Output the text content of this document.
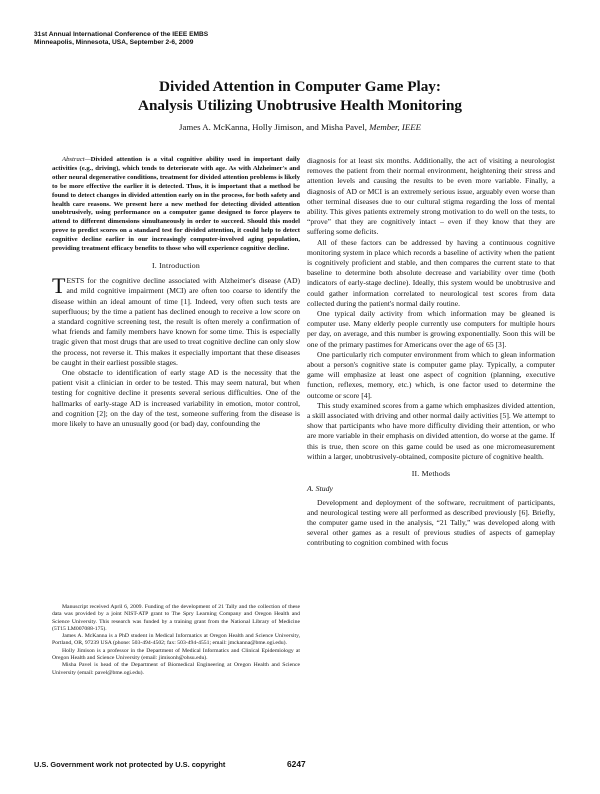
31st Annual International Conference of the IEEE EMBS
Minneapolis, Minnesota, USA, September 2-6, 2009

Divided Attention in Computer Game Play:
Analysis Utilizing Unobtrusive Health Monitoring

James A. McKanna, Holly Jimison, and Misha Pavel, Member, IEEE

Abstract—Divided attention is a vital cognitive ability used in important daily activities (e.g., driving), which tends to deteriorate with age. As with Alzheimer's and other neural degenerative conditions, treatment for divided attention problems is likely to be more effective the earlier it is detected. Thus, it is important that a method be found to detect changes in divided attention early on in the process, for both safety and health care reasons. We present here a new method for detecting divided attention unobtrusively, using performance on a computer game designed to force players to attend to different dimensions simultaneously in order to succeed. Should this model prove to predict scores on a standard test for divided attention, it could help to detect cognitive decline earlier in our increasingly computer-involved aging population, providing treatment efficacy benefits to those who will experience cognitive decline.

I. Introduction
T ESTS for the cognitive decline associated with Alzheimer's disease (AD) and mild cognitive impairment (MCI) are often too coarse to identify the disease within an ideal amount of time [1]. Indeed, very often such tests are superfluous; by the time a patient has declined enough to receive a low score on a standard cognitive screening test, the result is often merely a confirmation of what friends and family members have known for some time. This is especially tragic given that most drugs that are used to treat cognitive decline can only slow the process, not reverse it. This makes it especially important that these diseases be caught in their earliest possible stages.

One obstacle to identification of early stage AD is the necessity that the patient visit a clinician in order to be tested. This may seem natural, but when testing for cognitive decline it presents several serious difficulties. One of the hallmarks of early-stage AD is increased variability in emotion, motor control, and cognition [2]; on the day of the test, someone suffering from the disease is more likely to have an unusually good (or bad) day, confounding the

Manuscript received April 6, 2009. Funding of the development of 21 Tally and the collection of these data was provided by a joint NIST-ATP grant to The Spry Learning Company and Oregon Health and Science University. This research was funded by a training grant from the National Library of Medicine (5T15 LM007088-175).

James A. McKanna is a PhD student in Medical Informatics at Oregon Health and Science University, Portland, OR, 97239 USA (phone: 503-494-4502; fax: 503-494-4551; email: jmckanna@bme.ogi.edu).

Holly Jimison is a professor in the Department of Medical Informatics and Clinical Epidemiology at Oregon Health and Science University (email: jimisonh@ohsu.edu).

Misha Pavel is head of the Department of Biomedical Engineering at Oregon Health and Science University (email: pavel@bme.ogi.edu).

diagnosis for at least six months. Additionally, the act of visiting a neurologist removes the patient from their normal environment, heightening their stress and attention levels and causing the results to be even more variable. Finally, a diagnosis of AD or MCI is an extremely serious issue, arguably even worse than other terminal diseases due to our cultural stigma regarding the loss of mental ability. This gives patients extremely strong motivation to do well on the tests, to “prove” that they are cognitively intact – even if they know that they are suffering some deficits.

All of these factors can be addressed by having a continuous cognitive monitoring system in place which records a baseline of activity when the patient is cognitively proficient and stable, and then compares the current state to that baseline to determine both absolute decrease and variability over time (both indicators of early-stage decline). Ideally, this system would be unobtrusive and could gather information correlated to neurological test scores from data collected during the patient's normal daily routine.

One typical daily activity from which information may be gleaned is computer use. Many elderly people currently use computers for multiple hours per day, on average, and this number is growing exponentially. Soon this will be one of the primary pastimes for Americans over the age of 65 [3].

One particularly rich computer environment from which to glean information about a person's cognitive state is computer game play. Typically, a computer game will emphasize at least one aspect of cognition (planning, executive function, reflexes, memory, etc.) which, is one factor used to determine the outcome or score [4].

This study examined scores from a game which emphasizes divided attention, a skill associated with driving and other normal daily activities [5]. We attempt to show that participants who have more difficulty dividing their attention, or who are more variable in their emphasis on divided attention, do worse at the game. If this is true, then score on this game could be used as one micromeasurement within a larger, unobtrusively-obtained, composite picture of cognitive health.

II. Methods
A. Study

Development and deployment of the software, recruitment of participants, and neurological testing were all performed as described previously [6]. Briefly, the computer game used in the analysis, “21 Tally,” was developed along with several other games as a result of previous studies of aspects of gameplay contributing to cognition combined with focus

U.S. Government work not protected by U.S. copyright	6247
